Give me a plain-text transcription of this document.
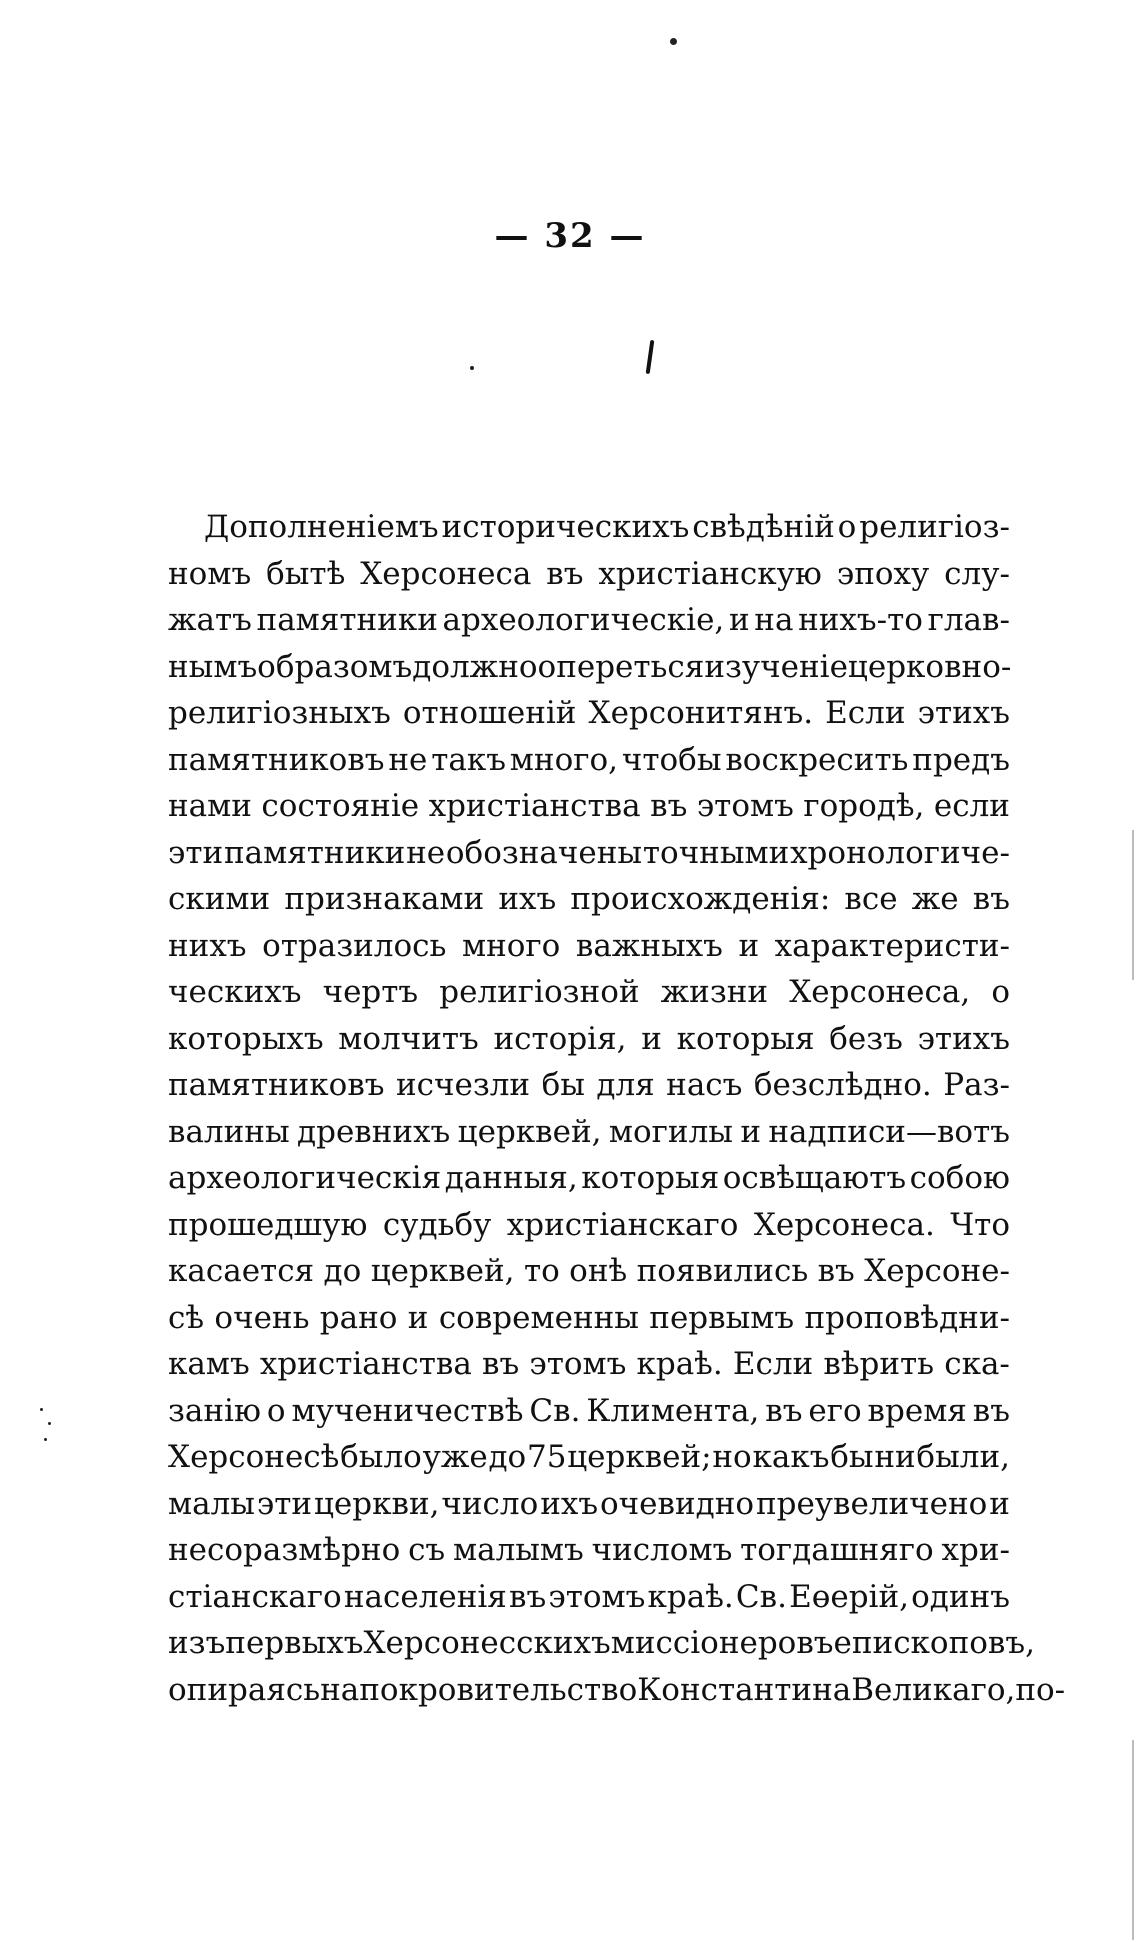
— 32 —
Дополненіемъ историческихъ свѣдѣній о религіоз-
номъ бытѣ Херсонеса въ христіанскую эпоху слу-
жатъ памятники археологическіе, и на нихъ-то глав-
нымъ образомъ должно опереться изученіе церковно-
религіозныхъ отношеній Херсонитянъ. Если этихъ
памятниковъ не такъ много, чтобы воскресить предъ
нами состояніе христіанства въ этомъ городѣ, если
эти памятники не обозначены точными хронологиче-
скими признаками ихъ происхожденія: все же въ
нихъ отразилось много важныхъ и характеристи-
ческихъ чертъ религіозной жизни Херсонеса, о
которыхъ молчитъ исторія, и которыя безъ этихъ
памятниковъ исчезли бы для насъ безслѣдно. Раз-
валины древнихъ церквей, могилы и надписи—вотъ
археологическія данныя, которыя освѣщаютъ собою
прошедшую судьбу христіанскаго Херсонеса. Что
касается до церквей, то онѣ появились въ Херсоне-
сѣ очень рано и современны первымъ проповѣдни-
камъ христіанства въ этомъ краѣ. Если вѣрить ска-
занію о мученичествѣ Св. Климента, въ его время въ
Херсонесѣ было уже до 75 церквей; но какъ бы ни были,
малы эти церкви, число ихъ очевидно преувеличено и
несоразмѣрно съ малымъ числомъ тогдашняго хри-
стіанскаго населенія въ этомъ краѣ. Св. Еөерій, одинъ
изъ первыхъ Херсонесскихъ миссіонеровъ епископовъ,
опираясь на покровительство Константина Великаго, по-
